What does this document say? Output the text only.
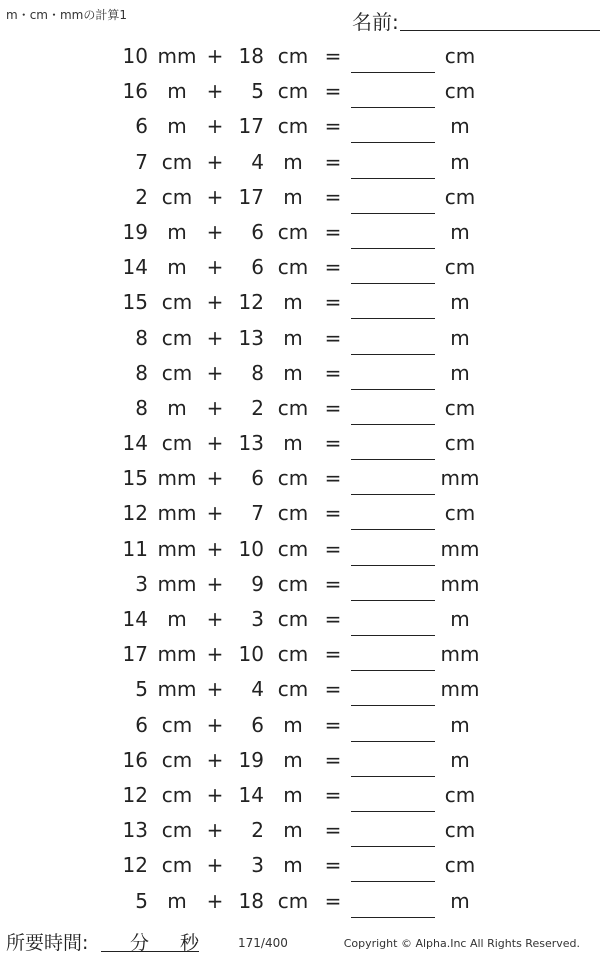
m・cm・mmの計算1	名前:
10 mm + 18 cm =	cm
16 m + 5 cm =	cm
6 m + 17 cm =	m
7 cm + 4 m =	m
2 cm + 17 m =	cm
19 m + 6 cm =	m
14 m + 6 cm =	cm
15 cm + 12 m =	m
8 cm + 13 m =	m
8 cm + 8 m =	m
8 m + 2 cm =	cm
14 cm + 13 m =	cm
15 mm + 6 cm =	mm
12 mm + 7 cm =	cm
11 mm + 10 cm =	mm
3 mm + 9 cm =	mm
14 m + 3 cm =	m
17 mm + 10 cm =	mm
5 mm + 4 cm =	mm
6 cm + 6 m =	m
16 cm + 19 m =	m
12 cm + 14 m =	cm
13 cm + 2 m =	cm
12 cm + 3 m =	cm
5 m + 18 cm =	m
所要時間: 分 秒	171/400	Copyright © Alpha.Inc All Rights Reserved.
